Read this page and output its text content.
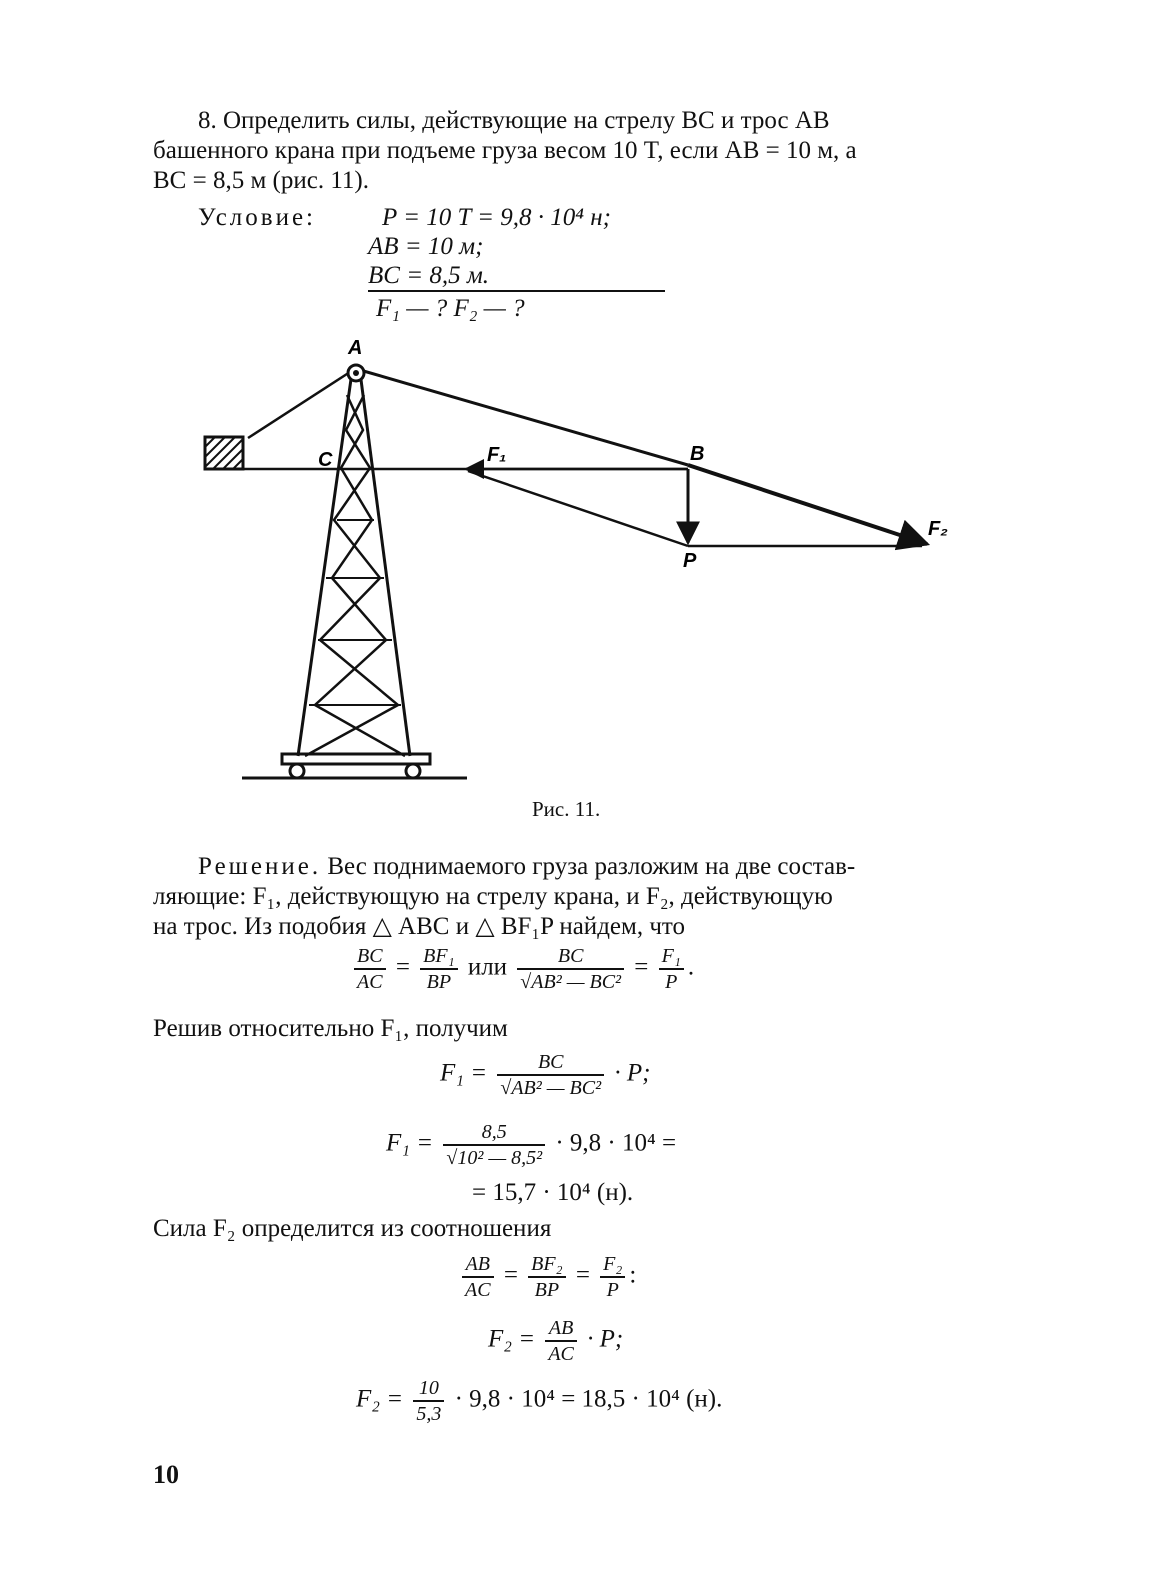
8. Определить силы, действующие на стрелу BC и трос AB
башенного крана при подъеме груза весом 10 T, если AB = 10 м, а
BC = 8,5 м (рис. 11).
Условие:	P = 10 T = 9,8 · 10⁴ н;
AB = 10 м;
BC = 8,5 м.
F₁ — ? F₂ — ?
A
C	B
F₁
F₂
P
Рис. 11.
Решение. Вес поднимаемого груза разложим на две состав-
ляющие: F₁, действующую на стрелу крана, и F₂, действующую
на трос. Из подобия △ ABC и △ BF₁P найдем, что
$\frac{BC}{AC} = \frac{\text{BF₁}}{BP}$ или $\frac{BC}{\text{√AB² — BC²}} = \frac{\text{F₁}}{P}$ .
Решив относительно F₁, получим
$F_1 = \frac{BC}{\text{√AB² — BC²}} \cdot P$;
$F_1 = \frac{8,5}{\text{√10² — 8,5²}} \cdot 9,8 \cdot 10^4$ =
= 15,7 · 10⁴ (н).
Сила F₂ определится из соотношения
$\frac{AB}{AC} = \frac{\text{BF₂}}{BP} = \frac{\text{F₂}}{P}$ :
$F_2 = \frac{AB}{AC} \cdot P$;
$F_2 = \frac{10}{5,3} \cdot 9,8 \cdot 10^4 = 18,5 \cdot 10^4$ (н).
10
